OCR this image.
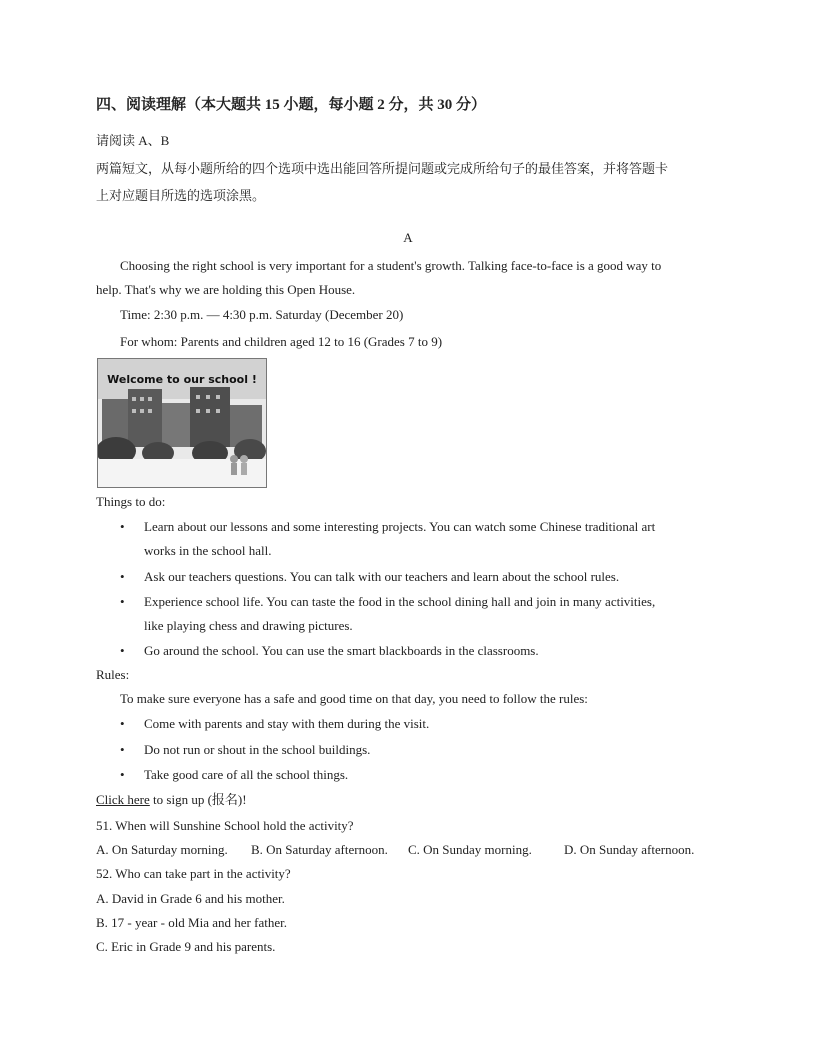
四、阅读理解（本大题共 15 小题，每小题 2 分，共 30 分）
请阅读 A、B
两篇短文，从每小题所给的四个选项中选出能回答所提问题或完成所给句子的最佳答案，并将答题卡
上对应题目所选的选项涂黑。
A
Choosing the right school is very important for a student's growth. Talking face-to-face is a good way to
help. That's why we are holding this Open House.
Time: 2:30 p.m. — 4:30 p.m. Saturday (December 20)
For whom: Parents and children aged 12 to 16 (Grades 7 to 9)
Welcome to our school !
Things to do:
• Learn about our lessons and some interesting projects. You can watch some Chinese traditional art
works in the school hall.
• Ask our teachers questions. You can talk with our teachers and learn about the school rules.
• Experience school life. You can taste the food in the school dining hall and join in many activities,
like playing chess and drawing pictures.
• Go around the school. You can use the smart blackboards in the classrooms.
Rules:
To make sure everyone has a safe and good time on that day, you need to follow the rules:
• Come with parents and stay with them during the visit.
• Do not run or shout in the school buildings.
• Take good care of all the school things.
Click here to sign up (报名)!
51. When will Sunshine School hold the activity?
A. On Saturday morning. B. On Saturday afternoon. C. On Sunday morning. D. On Sunday afternoon.
52. Who can take part in the activity?
A. David in Grade 6 and his mother.
B. 17 - year - old Mia and her father.
C. Eric in Grade 9 and his parents.
